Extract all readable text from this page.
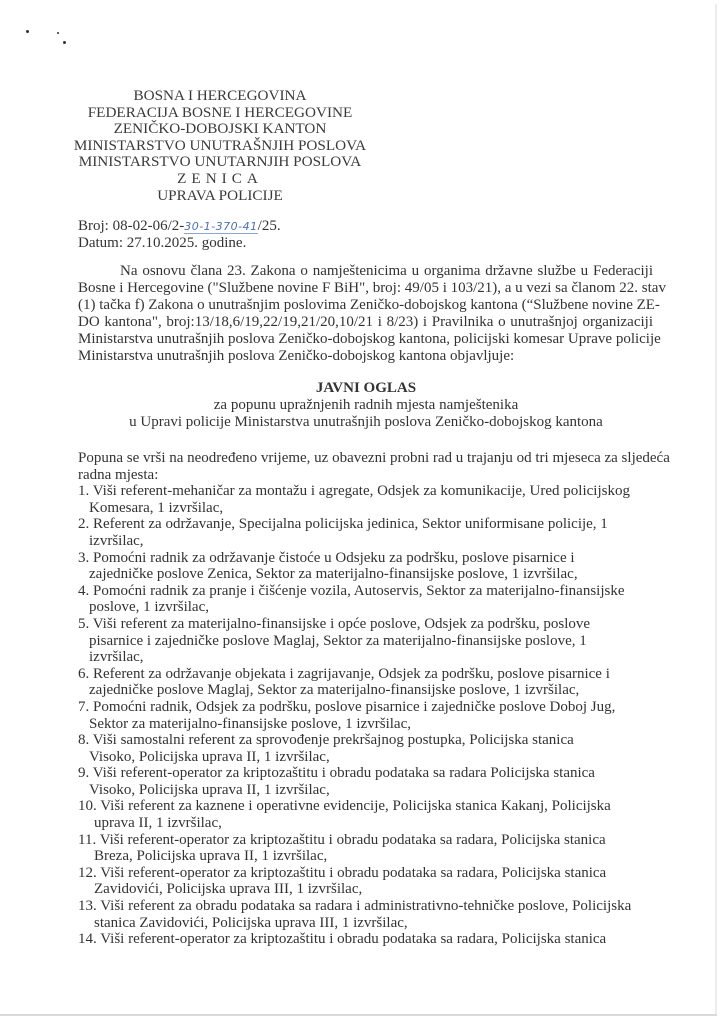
BOSNA I HERCEGOVINA
FEDERACIJA BOSNE I HERCEGOVINE
ZENIČKO-DOBOJSKI KANTON
MINISTARSTVO UNUTRAŠNJIH POSLOVA
MINISTARSTVO UNUTARNJIH POSLOVA
ZENICA
UPRAVA POLICIJE
Broj: 08-02-06/2-30-1-370-41/25.
Datum: 27.10.2025. godine.
Na osnovu člana 23. Zakona o namještenicima u organima državne službe u Federaciji
Bosne i Hercegovine ("Službene novine F BiH", broj: 49/05 i 103/21), a u vezi sa članom 22. stav
(1) tačka f) Zakona o unutrašnjim poslovima Zeničko-dobojskog kantona (“Službene novine ZE-
DO kantona", broj:13/18,6/19,22/19,21/20,10/21 i 8/23) i Pravilnika o unutrašnjoj organizaciji
Ministarstva unutrašnjih poslova Zeničko-dobojskog kantona, policijski komesar Uprave policije
Ministarstva unutrašnjih poslova Zeničko-dobojskog kantona objavljuje:
JAVNI OGLAS
za popunu upražnjenih radnih mjesta namještenika
u Upravi policije Ministarstva unutrašnjih poslova Zeničko-dobojskog kantona
Popuna se vrši na neodređeno vrijeme, uz obavezni probni rad u trajanju od tri mjeseca za sljedeća
radna mjesta:
1. Viši referent-mehaničar za montažu i agregate, Odsjek za komunikacije, Ured policijskog
Komesara, 1 izvršilac,
2. Referent za održavanje, Specijalna policijska jedinica, Sektor uniformisane policije, 1
izvršilac,
3. Pomoćni radnik za održavanje čistoće u Odsjeku za podršku, poslove pisarnice i
zajedničke poslove Zenica, Sektor za materijalno-finansijske poslove, 1 izvršilac,
4. Pomoćni radnik za pranje i čišćenje vozila, Autoservis, Sektor za materijalno-finansijske
poslove, 1 izvršilac,
5. Viši referent za materijalno-finansijske i opće poslove, Odsjek za podršku, poslove
pisarnice i zajedničke poslove Maglaj, Sektor za materijalno-finansijske poslove, 1
izvršilac,
6. Referent za održavanje objekata i zagrijavanje, Odsjek za podršku, poslove pisarnice i
zajedničke poslove Maglaj, Sektor za materijalno-finansijske poslove, 1 izvršilac,
7. Pomoćni radnik, Odsjek za podršku, poslove pisarnice i zajedničke poslove Doboj Jug,
Sektor za materijalno-finansijske poslove, 1 izvršilac,
8. Viši samostalni referent za sprovođenje prekršajnog postupka, Policijska stanica
Visoko, Policijska uprava II, 1 izvršilac,
9. Viši referent-operator za kriptozaštitu i obradu podataka sa radara Policijska stanica
Visoko, Policijska uprava II, 1 izvršilac,
10. Viši referent za kaznene i operativne evidencije, Policijska stanica Kakanj, Policijska
uprava II, 1 izvršilac,
11. Viši referent-operator za kriptozaštitu i obradu podataka sa radara, Policijska stanica
Breza, Policijska uprava II, 1 izvršilac,
12. Viši referent-operator za kriptozaštitu i obradu podataka sa radara, Policijska stanica
Zavidovići, Policijska uprava III, 1 izvršilac,
13. Viši referent za obradu podataka sa radara i administrativno-tehničke poslove, Policijska
stanica Zavidovići, Policijska uprava III, 1 izvršilac,
14. Viši referent-operator za kriptozaštitu i obradu podataka sa radara, Policijska stanica
